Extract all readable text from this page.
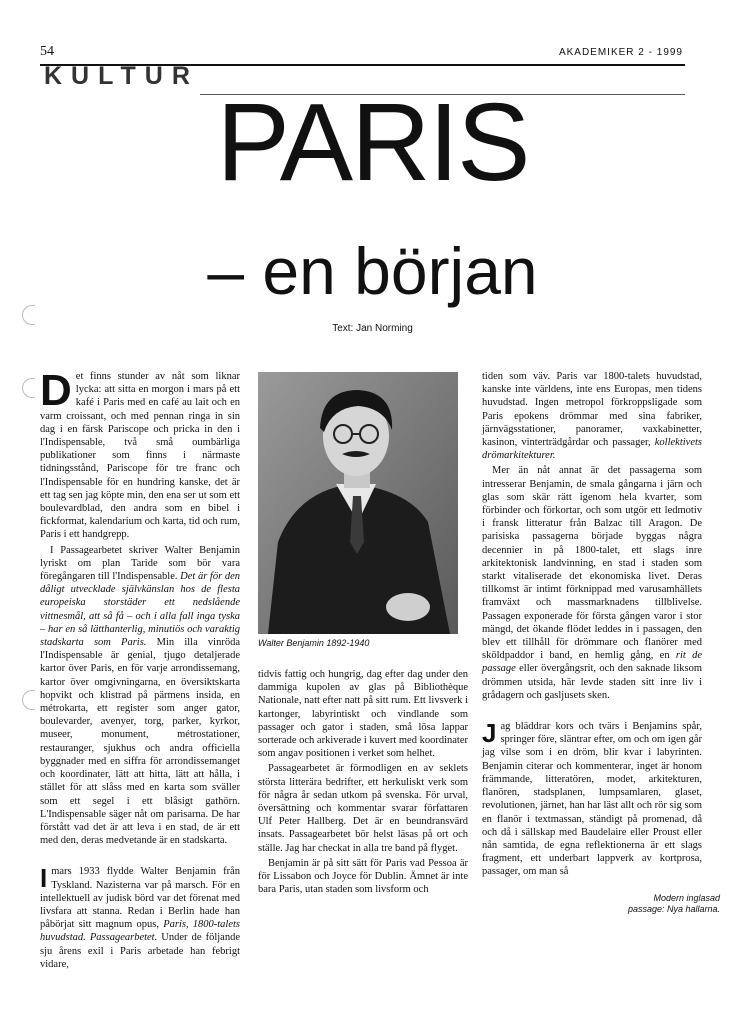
54	AKADEMIKER 2 - 1999
KULTUR
PARIS
– en början
Text: Jan Norming

Det finns stunder av nåt som liknar lycka: att sitta en morgon i mars på ett kafé i Paris med en café au lait och en varm croissant, och med pennan ringa in sin dag i en färsk Pariscope och pricka in den i l'Indispensable, två små oumbärliga publikationer som finns i närmaste tidningsstånd, Pariscope för tre franc och l'Indispensable för en hundring kanske, det är ett tag sen jag köpte min, den ena ser ut som ett boulevardblad, den andra som en bibel i fickformat, kalendarium och karta, tid och rum, Paris i ett handgrepp.

I Passagearbetet skriver Walter Benjamin lyriskt om plan Taride som bör vara föregångaren till l'Indispensable. Det är för den dåligt utvecklade självkänslan hos de flesta europeiska storstäder ett nedslående vittnesmål, att så få – och i alla fall inga tyska – har en så lätthanterlig, minutiös och varaktig stadskarta som Paris. Min illa vinröda l'Indispensable är genial, tjugo detaljerade kartor över Paris, en för varje arrondissemang, kartor över omgivningarna, en översiktskarta hopvikt och klistrad på pärmens insida, en métrokarta, ett register som anger gator, boulevarder, avenyer, torg, parker, kyrkor, museer, monument, métrostationer, restauranger, sjukhus och andra officiella byggnader med en siffra för arrondissemanget och koordinater, lätt att hitta, lätt att hålla, i stället för att slåss med en karta som sväller som ett segel i ett blåsigt gathörn. L'Indispensable säger nåt om parisarna. De har förstått vad det är att leva i en stad, de är ett med den, deras medvetande är en stadskarta.

I mars 1933 flydde Walter Benjamin från Tyskland. Nazisterna var på marsch. För en intellektuell av judisk börd var det förenat med livsfara att stanna. Redan i Berlin hade han påbörjat sitt magnum opus, Paris, 1800-talets huvudstad. Passagearbetet. Under de följande sju årens exil i Paris arbetade han febrigt vidare,

Walter Benjamin 1892-1940

tidvis fattig och hungrig, dag efter dag under den dammiga kupolen av glas på Bibliothèque Nationale, natt efter natt på sitt rum. Ett livsverk i kartonger, labyrintiskt och vindlande som passager och gator i staden, små lösa lappar sorterade och arkiverade i kuvert med koordinater som angav positionen i verket som helhet.

Passagearbetet är förmodligen en av seklets största litterära bedrifter, ett herkuliskt verk som för några år sedan utkom på svenska. För urval, översättning och kommentar svarar författaren Ulf Peter Hallberg. Det är en beundransvärd insats. Passagearbetet bör helst läsas på ort och ställe. Jag har checkat in alla tre band på flyget.

Benjamin är på sitt sätt för Paris vad Pessoa är för Lissabon och Joyce för Dublin. Ämnet är inte bara Paris, utan staden som livsform och

tiden som väv. Paris var 1800-talets huvudstad, kanske inte världens, inte ens Europas, men tidens huvudstad. Ingen metropol förkroppsligade som Paris epokens drömmar med sina fabriker, järnvägsstationer, panoramer, vaxkabinetter, kasinon, vinterträdgårdar och passager, kollektivets drömarkitekturer.

Mer än nåt annat är det passagerna som intresserar Benjamin, de smala gångarna i järn och glas som skär rätt igenom hela kvarter, som förbinder och förkortar, och som utgör ett ledmotiv i fransk litteratur från Balzac till Aragon. De parisiska passagerna började byggas några decennier in på 1800-talet, ett slags inre arkitektonisk landvinning, en stad i staden som starkt vitaliserade det ekonomiska livet. Deras tillkomst är intimt förknippad med varusamhällets framväxt och massmarknadens tillblivelse. Passagen exponerade för första gången varor i stor mängd, det ökande flödet leddes in i passagen, den blev ett tillhåll för drömmare och flanörer med sköldpaddor i band, en hemlig gång, en rit de passage eller övergångsrit, och den saknade liksom drömmen utsida, här levde staden sitt inre liv i grådagern och gasljusets sken.

Jag bläddrar kors och tvärs i Benjamins spår, springer före, släntrar efter, om och om igen går jag vilse som i en dröm, blir kvar i labyrinten. Benjamin citerar och kommenterar, inget är honom främmande, litteratören, modet, arkitekturen, flanören, stadsplanen, lumpsamlaren, glaset, revolutionen, järnet, han har läst allt och rör sig som en flanör i textmassan, ständigt på promenad, då och då i sällskap med Baudelaire eller Proust eller nån samtida, de egna reflektionerna är ett slags fragment, ett underbart lappverk av kortprosa, passager, om man så

Modern inglasad
passage: Nya hallarna.
